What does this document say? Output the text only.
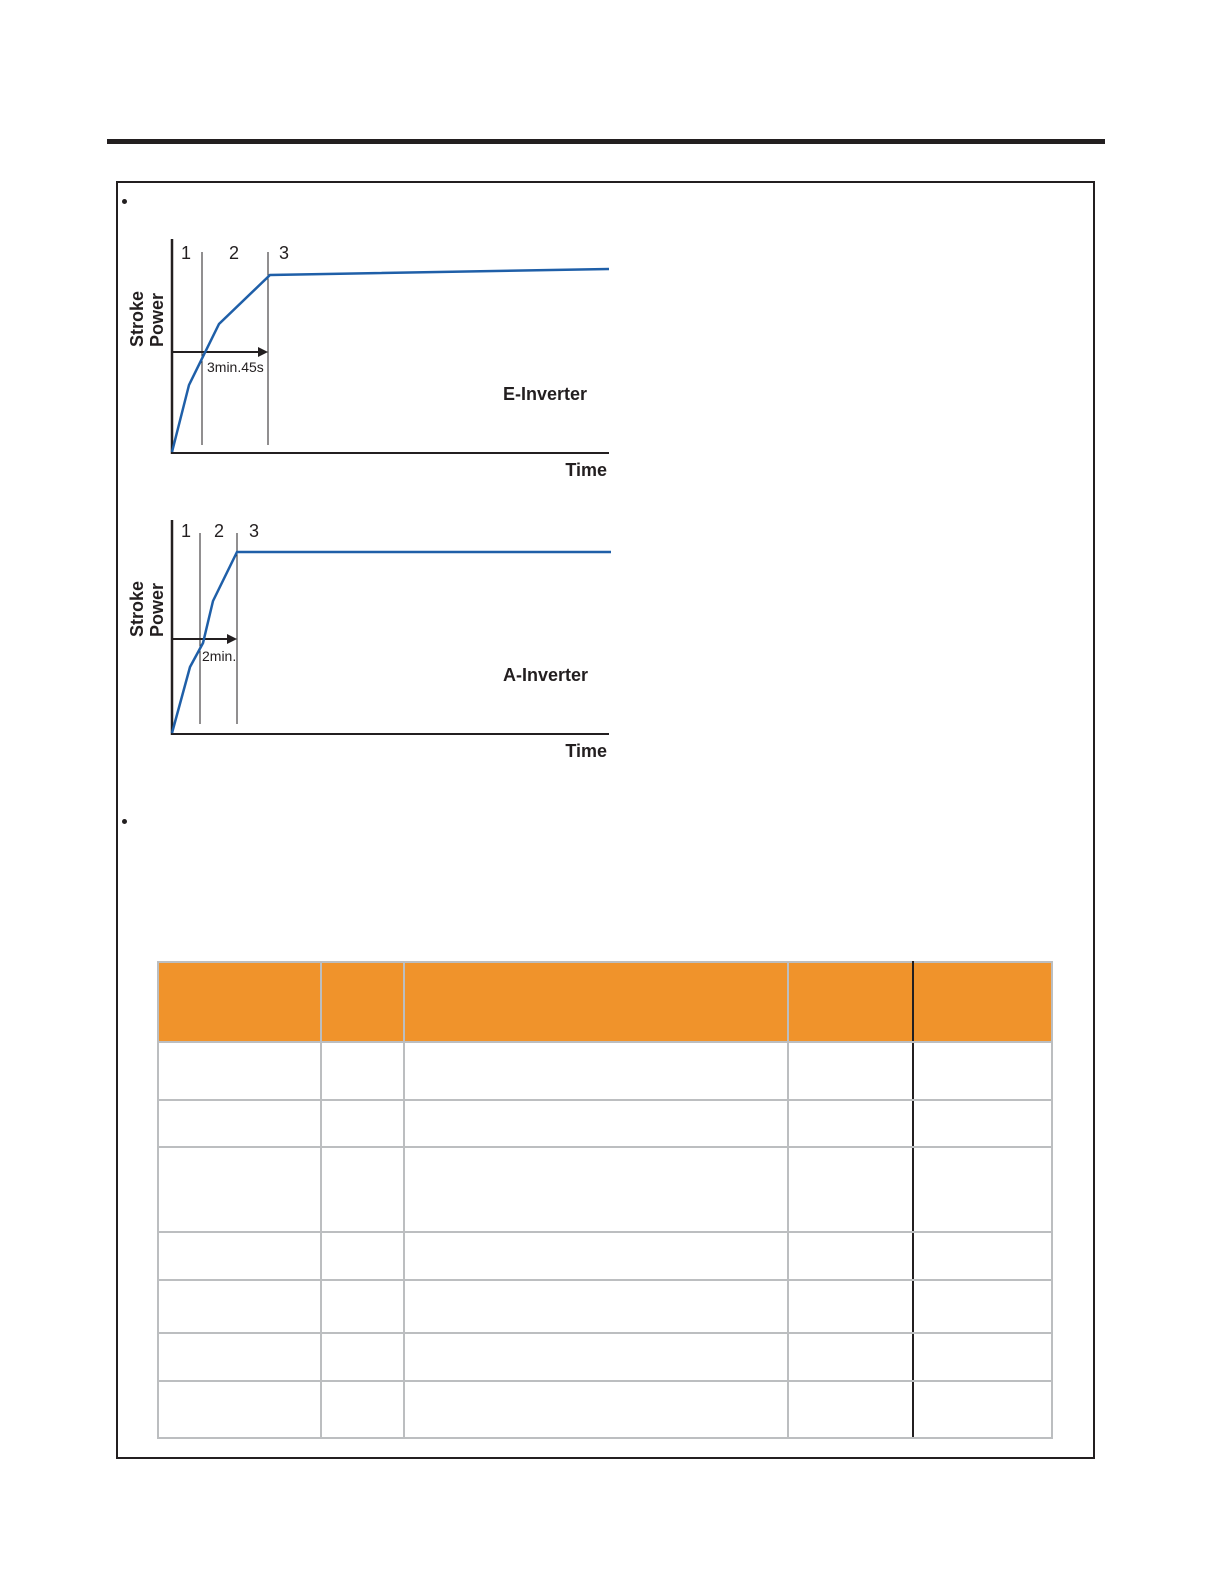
Stroke Power
Time
1 2 3
3min.45s
E-Inverter
Stroke Power
Time
1 2 3
2min.
A-Inverter
